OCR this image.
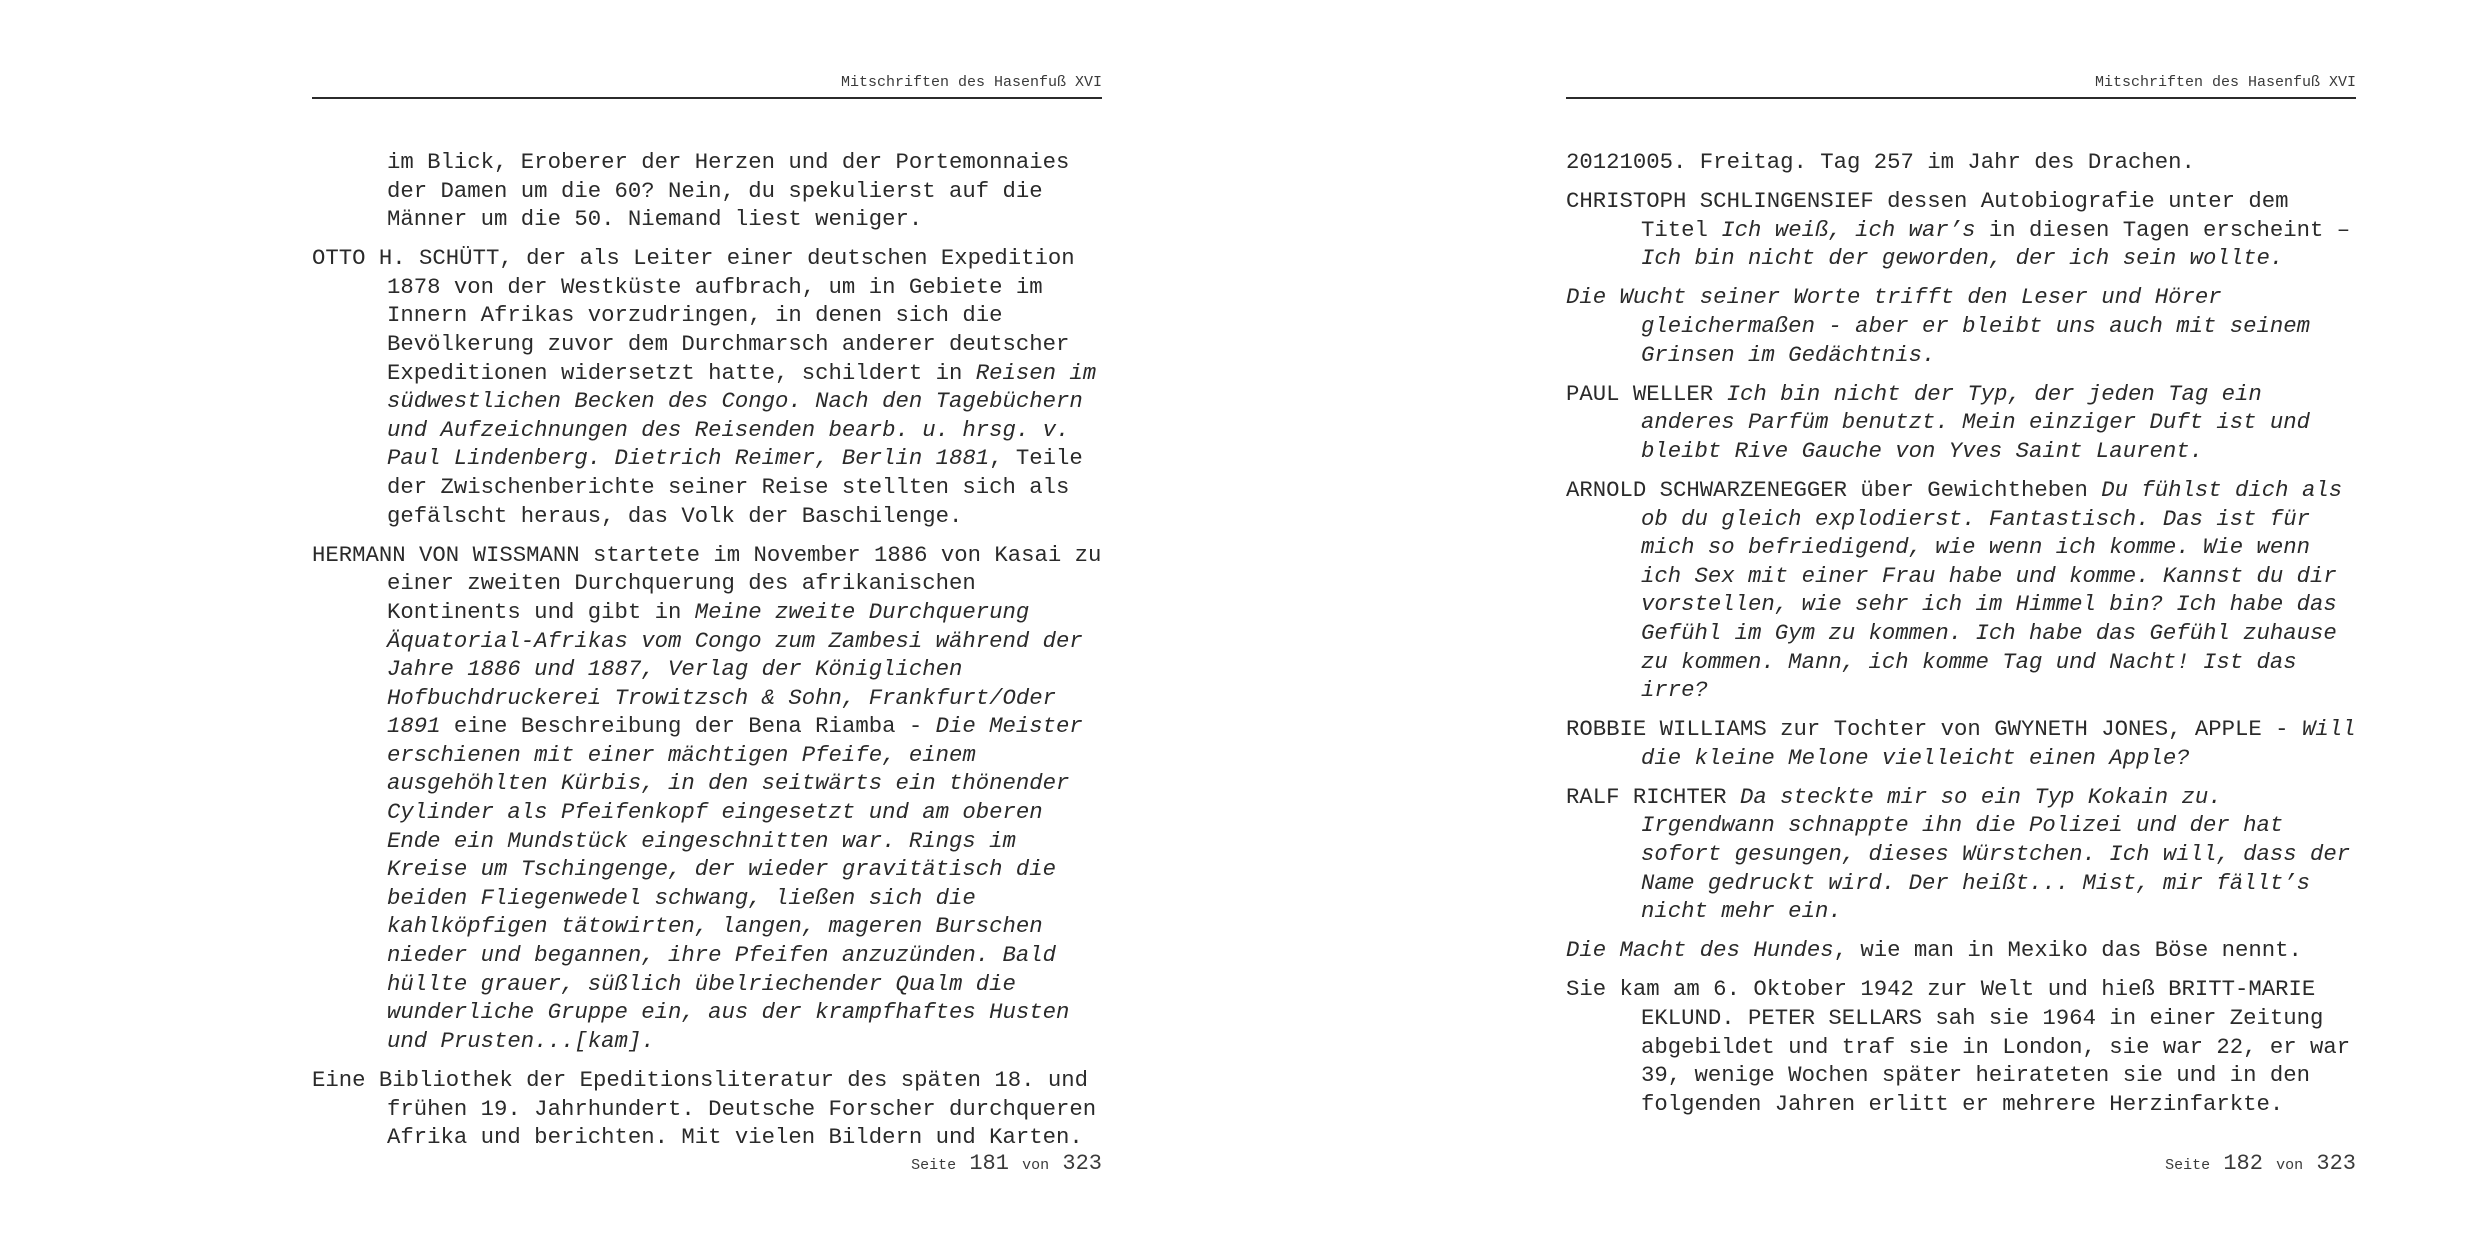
Mitschriften des Hasenfuß XVI

im Blick, Eroberer der Herzen und der Portemonnaies der Damen um die 60? Nein, du spekulierst auf die Männer um die 50. Niemand liest weniger.

OTTO H. SCHÜTT, der als Leiter einer deutschen Expedition 1878 von der Westküste aufbrach, um in Gebiete im Innern Afrikas vorzudringen, in denen sich die Bevölkerung zuvor dem Durchmarsch anderer deutscher Expeditionen widersetzt hatte, schildert in Reisen im südwestlichen Becken des Congo. Nach den Tagebüchern und Aufzeichnungen des Reisenden bearb. u. hrsg. v. Paul Lindenberg. Dietrich Reimer, Berlin 1881, Teile der Zwischenberichte seiner Reise stellten sich als gefälscht heraus, das Volk der Baschilenge.

HERMANN VON WISSMANN startete im November 1886 von Kasai zu einer zweiten Durchquerung des afrikanischen Kontinents und gibt in Meine zweite Durchquerung Äquatorial-Afrikas vom Congo zum Zambesi während der Jahre 1886 und 1887, Verlag der Königlichen Hofbuchdruckerei Trowitzsch & Sohn, Frankfurt/Oder 1891 eine Beschreibung der Bena Riamba - Die Meister erschienen mit einer mächtigen Pfeife, einem ausgehöhlten Kürbis, in den seitwärts ein thönender Cylinder als Pfeifenkopf eingesetzt und am oberen Ende ein Mundstück eingeschnitten war. Rings im Kreise um Tschingenge, der wieder gravitätisch die beiden Fliegenwedel schwang, ließen sich die kahlköpfigen tätowirten, langen, mageren Burschen nieder und begannen, ihre Pfeifen anzuzünden. Bald hüllte grauer, süßlich übelriechender Qualm die wunderliche Gruppe ein, aus der krampfhaftes Husten und Prusten...[kam].

Eine Bibliothek der Epeditionsliteratur des späten 18. und frühen 19. Jahrhundert. Deutsche Forscher durchqueren Afrika und berichten. Mit vielen Bildern und Karten.

Seite 181 von 323
Mitschriften des Hasenfuß XVI

20121005. Freitag. Tag 257 im Jahr des Drachen.

CHRISTOPH SCHLINGENSIEF dessen Autobiografie unter dem Titel Ich weiß, ich war’s in diesen Tagen erscheint –Ich bin nicht der geworden, der ich sein wollte.

Die Wucht seiner Worte trifft den Leser und Hörer gleichermaßen - aber er bleibt uns auch mit seinem Grinsen im Gedächtnis.

PAUL WELLER Ich bin nicht der Typ, der jeden Tag ein anderes Parfüm benutzt. Mein einziger Duft ist und bleibt Rive Gauche von Yves Saint Laurent.

ARNOLD SCHWARZENEGGER über Gewichtheben Du fühlst dich als ob du gleich explodierst. Fantastisch. Das ist für mich so befriedigend, wie wenn ich komme. Wie wenn ich Sex mit einer Frau habe und komme. Kannst du dir vorstellen, wie sehr ich im Himmel bin? Ich habe das Gefühl im Gym zu kommen. Ich habe das Gefühl zuhause zu kommen. Mann, ich komme Tag und Nacht! Ist das irre?

ROBBIE WILLIAMS zur Tochter von GWYNETH JONES, APPLE - Will die kleine Melone vielleicht einen Apple?

RALF RICHTER Da steckte mir so ein Typ Kokain zu. Irgendwann schnappte ihn die Polizei und der hat sofort gesungen, dieses Würstchen. Ich will, dass der Name gedruckt wird. Der heißt... Mist, mir fällt’s nicht mehr ein.

Die Macht des Hundes, wie man in Mexiko das Böse nennt.

Sie kam am 6. Oktober 1942 zur Welt und hieß BRITT-MARIE EKLUND. PETER SELLARS sah sie 1964 in einer Zeitung abgebildet und traf sie in London, sie war 22, er war 39, wenige Wochen später heirateten sie und in den folgenden Jahren erlitt er mehrere Herzinfarkte.

Seite 182 von 323
